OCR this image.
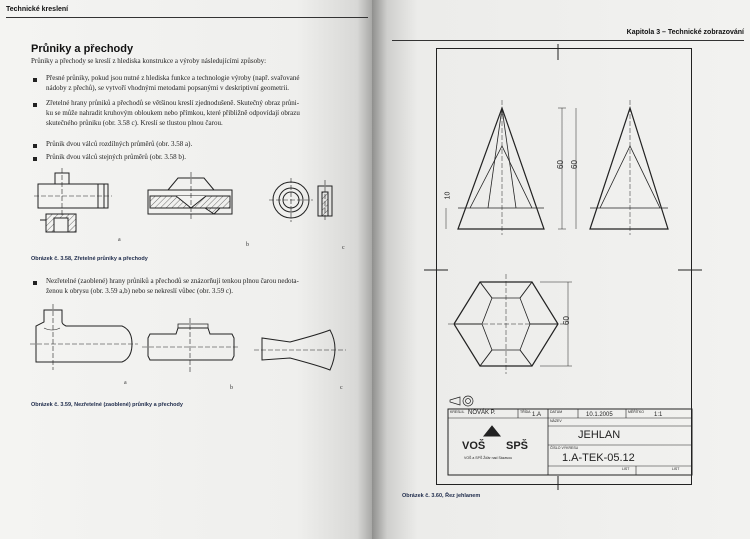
Technické kreslení
Průniky a přechody
Průniky a přechody se kreslí z hlediska konstrukce a výroby následujícími způsoby:
Přesné průniky, pokud jsou nutné z hlediska funkce a technologie výroby (např. svařované
nádoby z přechů), se vytvoří vhodnými metodami popsanými v deskriptivní geometrii.
Zřetelné hrany průniků a přechodů se většinou kreslí zjednodušeně. Skutečný obraz průni-
ku se může nahradit kruhovým obloukem nebo přímkou, které přibližně odpovídají obrazu
skutečného průniku (obr. 3.58 c). Kreslí se tlustou plnou čarou.
Průnik dvou válců rozdílných průměrů (obr. 3.58 a).
Průnik dvou válců stejných průměrů (obr. 3.58 b).
a
b	c
Obrázek č. 3.58, Zřetelné průniky a přechody
Nezřetelné (zaoblené) hrany průniků a přechodů se znázorňují tenkou plnou čarou nedota-
ženou k obrysu (obr. 3.59 a,b) nebo se nekreslí vůbec (obr. 3.59 c).
a
b	c
Obrázek č. 3.59, Nezřetelné (zaoblené) průniky a přechody
Kapitola 3 – Technické zobrazování
10
60 60
60
KRESLIL NOVÁK P.	TŘÍDA 1.A	DATUM	10.1.2005	MĚŘÍTKO 1:1
NÁZEV
JEHLAN
VOŠ SPŠ
VOŠ a SPŠ Žďár nad Sázavou
ČÍSLO VÝKRESU
1.A-TEK-05.12
LIST	LIST
Obrázek č. 3.60, Řez jehlanem
